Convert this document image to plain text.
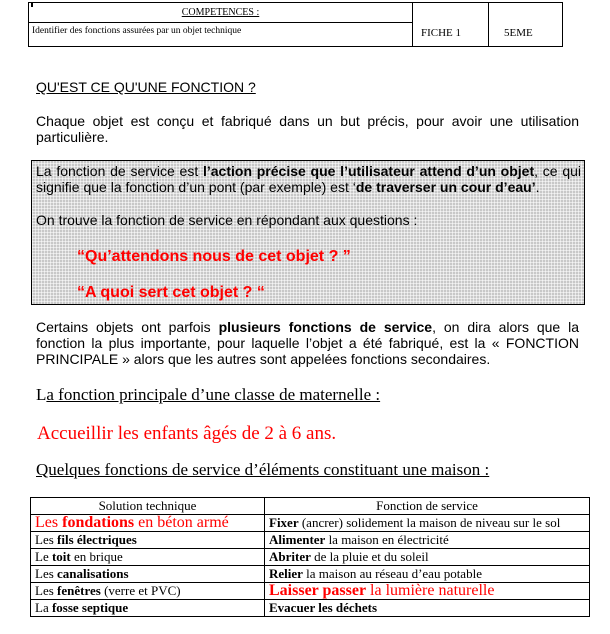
COMPETENCES :
Identifier des fonctions assurées par un objet technique	FICHE 1	5EME
QU'EST CE QU'UNE FONCTION ?
Chaque objet est conçu et fabriqué dans un but précis, pour avoir une utilisation particulière.
La fonction de service est l’action précise que l’utilisateur attend d’un objet, ce qui signifie que la fonction d’un pont (par exemple) est ‘de traverser un cour d’eau’.
On trouve la fonction de service en répondant aux questions :
“Qu’attendons nous de cet objet ? ”
“A quoi sert cet objet ? “
Certains objets ont parfois plusieurs fonctions de service, on dira alors que la fonction la plus importante, pour laquelle l’objet a été fabriqué, est la « FONCTION PRINCIPALE » alors que les autres sont appelées fonctions secondaires.
La fonction principale d’une classe de maternelle :
Accueillir les enfants âgés de 2 à 6 ans.
Quelques fonctions de service d’éléments constituant une maison :
Solution technique	Fonction de service
Les fondations en béton armé	Fixer (ancrer) solidement la maison de niveau sur le sol
Les fils électriques	Alimenter la maison en électricité
Le toit en brique	Abriter de la pluie et du soleil
Les canalisations	Relier la maison au réseau d’eau potable
Les fenêtres (verre et PVC)	Laisser passer la lumière naturelle
La fosse septique	Evacuer les déchets
